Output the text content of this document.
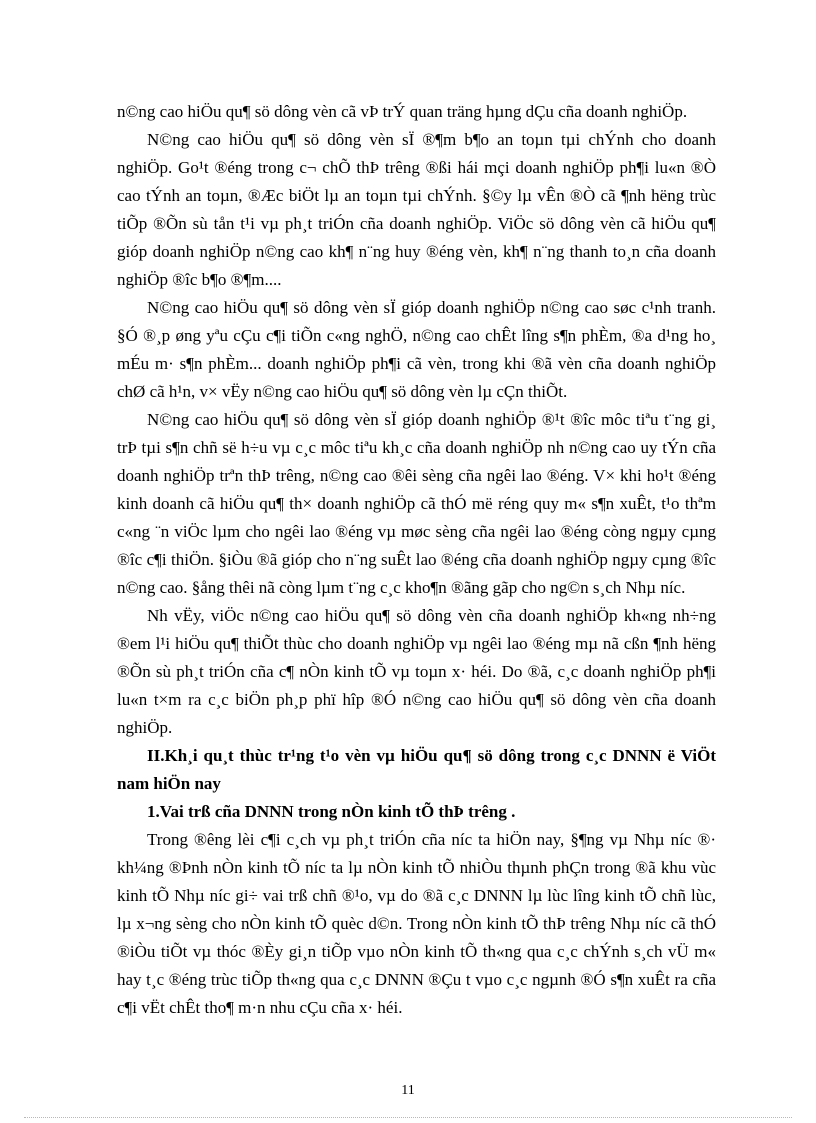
n©ng cao hiÖu qu¶ sö dông vèn cã vÞ trÝ quan träng hµng dÇu cña doanh nghiÖp.

N©ng cao hiÖu qu¶ sö dông vèn sÏ ®¶m b¶o an toµn tµi chÝnh cho doanh nghiÖp. Go¹t ®éng trong c¬ chÕ thÞ trêng ®ßi hái mçi doanh nghiÖp ph¶i lu«n ®Ò cao tÝnh an toµn, ®Æc biÖt lµ an toµn tµi chÝnh. §©y lµ vÊn ®Ò cã ¶nh hëng trùc tiÕp ®Õn sù tån t¹i vµ ph¸t triÓn cña doanh nghiÖp. ViÖc sö dông vèn cã hiÖu qu¶ gióp doanh nghiÖp n©ng cao kh¶ n¨ng huy ®éng vèn, kh¶ n¨ng thanh to¸n cña doanh nghiÖp ®îc b¶o ®¶m....

N©ng cao hiÖu qu¶ sö dông vèn sÏ gióp doanh nghiÖp n©ng cao søc c¹nh tranh. §Ó ®¸p øng yªu cÇu c¶i tiÕn c«ng nghÖ, n©ng cao chÊt lîng s¶n phÈm, ®a d¹ng ho¸ mÉu m· s¶n phÈm... doanh nghiÖp ph¶i cã vèn, trong khi ®ã vèn cña doanh nghiÖp chØ cã h¹n, v× vËy n©ng cao hiÖu qu¶ sö dông vèn lµ cÇn thiÕt.

N©ng cao hiÖu qu¶ sö dông vèn sÏ gióp doanh nghiÖp ®¹t ®îc môc tiªu t¨ng gi¸ trÞ tµi s¶n chñ së h÷u vµ c¸c môc tiªu kh¸c cña doanh nghiÖp nh n©ng cao uy tÝn cña doanh nghiÖp trªn thÞ trêng, n©ng cao ®êi sèng cña ngêi lao ®éng. V× khi ho¹t ®éng kinh doanh cã hiÖu qu¶ th× doanh nghiÖp cã thÓ më réng quy m« s¶n xuÊt, t¹o thªm c«ng ¨n viÖc lµm cho ngêi lao ®éng vµ møc sèng cña ngêi lao ®éng còng ngµy cµng ®îc c¶i thiÖn. §iÒu ®ã gióp cho n¨ng suÊt lao ®éng cña doanh nghiÖp ngµy cµng ®îc n©ng cao. §ång thêi nã còng lµm t¨ng c¸c kho¶n ®ãng gãp cho ng©n s¸ch Nhµ níc.

Nh vËy, viÖc n©ng cao hiÖu qu¶ sö dông vèn cña doanh nghiÖp kh«ng nh÷ng ®em l¹i hiÖu qu¶ thiÕt thùc cho doanh nghiÖp vµ ngêi lao ®éng mµ nã cßn ¶nh hëng ®Õn sù ph¸t triÓn cña c¶ nÒn kinh tÕ vµ toµn x· héi. Do ®ã, c¸c doanh nghiÖp ph¶i lu«n t×m ra c¸c biÖn ph¸p phï hîp ®Ó n©ng cao hiÖu qu¶ sö dông vèn cña doanh nghiÖp.

II.Kh¸i qu¸t thùc tr¹ng t¹o vèn vµ hiÖu qu¶ sö dông trong c¸c DNNN ë ViÖt nam hiÖn nay

1.Vai trß cña DNNN trong nÒn kinh tÕ thÞ trêng .

Trong ®êng lèi c¶i c¸ch vµ ph¸t triÓn cña níc ta hiÖn nay, §¶ng vµ Nhµ níc ®· kh¼ng ®Þnh nÒn kinh tÕ níc ta lµ nÒn kinh tÕ nhiÒu thµnh phÇn trong ®ã khu vùc kinh tÕ Nhµ níc gi÷ vai trß chñ ®¹o, vµ do ®ã c¸c DNNN lµ lùc lîng kinh tÕ chñ lùc, lµ x¬ng sèng cho nÒn kinh tÕ quèc d©n. Trong nÒn kinh tÕ thÞ trêng Nhµ níc cã thÓ ®iÒu tiÕt vµ thóc ®Èy gi¸n tiÕp vµo nÒn kinh tÕ th«ng qua c¸c chÝnh s¸ch vÜ m« hay t¸c ®éng trùc tiÕp th«ng qua c¸c DNNN ®Çu t vµo c¸c ngµnh ®Ó s¶n xuÊt ra cña c¶i vËt chÊt tho¶ m·n nhu cÇu cña x· héi.

11
